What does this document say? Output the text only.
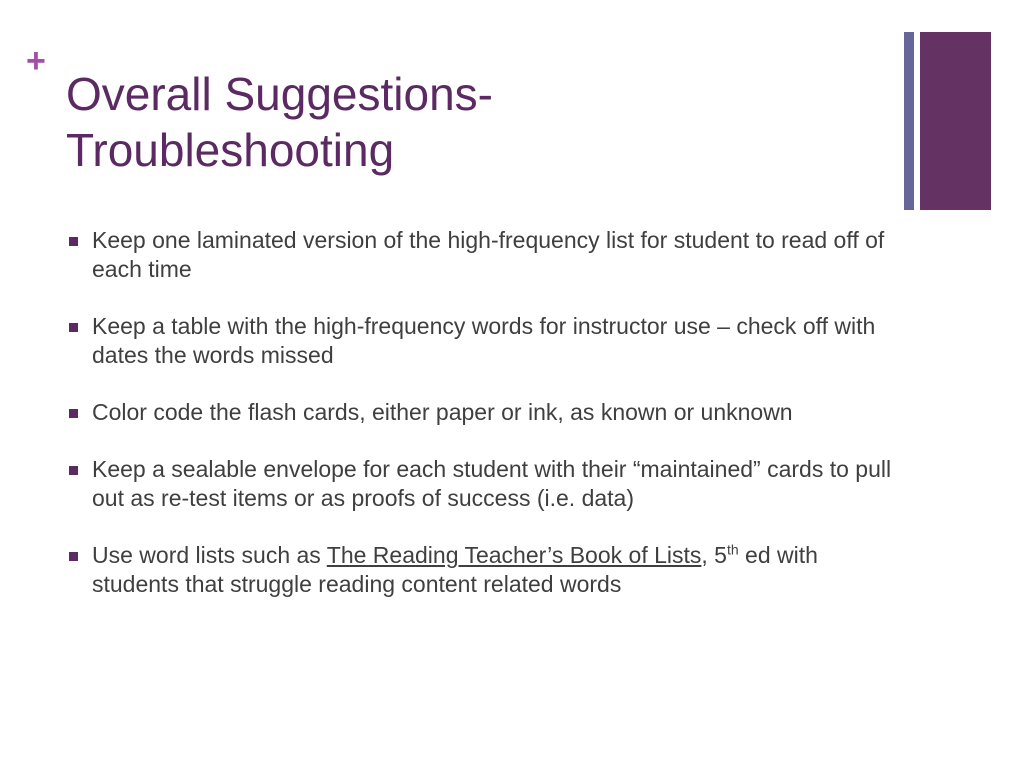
+
Overall Suggestions-
Troubleshooting
Keep one laminated version of the high-frequency list for student to read off of each time
Keep a table with the high-frequency words for instructor use – check off with dates the words missed
Color code the flash cards, either paper or ink, as known or unknown
Keep a sealable envelope for each student with their “maintained” cards to pull out as re-test items or as proofs of success (i.e. data)
Use word lists such as The Reading Teacher’s Book of Lists, 5th ed with students that struggle reading content related words
